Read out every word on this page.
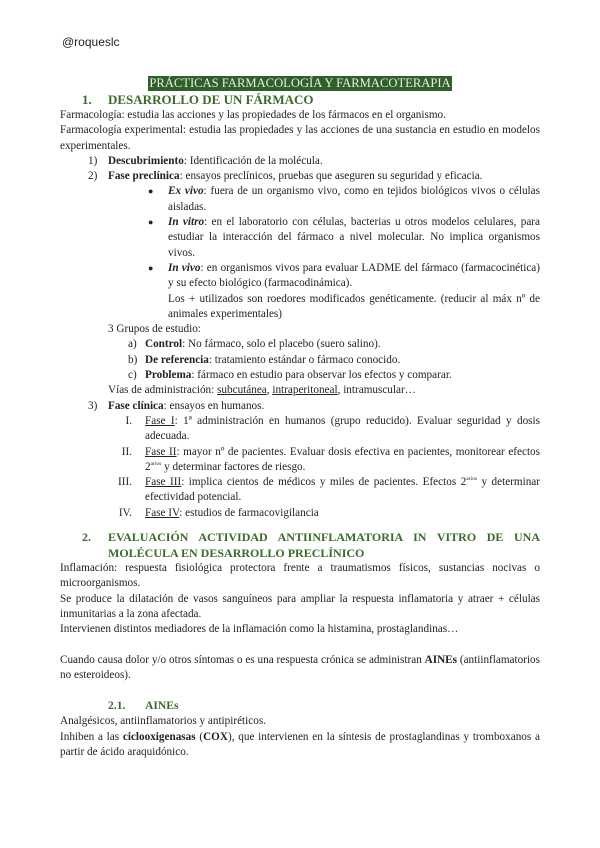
@roqueslc
PRÁCTICAS FARMACOLOGÍA Y FARMACOTERAPIA
1. DESARROLLO DE UN FÁRMACO
Farmacología: estudia las acciones y las propiedades de los fármacos en el organismo.
Farmacología experimental: estudia las propiedades y las acciones de una sustancia en estudio en modelos experimentales.
1) Descubrimiento: Identificación de la molécula.
2) Fase preclínica: ensayos preclínicos, pruebas que aseguren su seguridad y eficacia.
● Ex vivo: fuera de un organismo vivo, como en tejidos biológicos vivos o células aisladas.
● In vitro: en el laboratorio con células, bacterias u otros modelos celulares, para estudiar la interacción del fármaco a nivel molecular. No implica organismos vivos.
● In vivo: en organismos vivos para evaluar LADME del fármaco (farmacocinética) y su efecto biológico (farmacodinámica).
Los + utilizados son roedores modificados genéticamente. (reducir al máx nº de animales experimentales)
3 Grupos de estudio:
a) Control: No fármaco, solo el placebo (suero salino).
b) De referencia: tratamiento estándar o fármaco conocido.
c) Problema: fármaco en estudio para observar los efectos y comparar.
Vías de administración: subcutánea, intraperitoneal, intramuscular…
3) Fase clínica: ensayos en humanos.
I. Fase I: 1ª administración en humanos (grupo reducido). Evaluar seguridad y dosis adecuada.
II. Fase II: mayor nº de pacientes. Evaluar dosis efectiva en pacientes, monitorear efectos $2^{arios}$ y determinar factores de riesgo.
III. Fase III: implica cientos de médicos y miles de pacientes. Efectos $2^{arios}$ y determinar efectividad potencial.
IV. Fase IV: estudios de farmacovigilancia
2. EVALUACIÓN ACTIVIDAD ANTIINFLAMATORIA IN VITRO DE UNA MOLÉCULA EN DESARROLLO PRECLÍNICO
Inflamación: respuesta fisiológica protectora frente a traumatismos físicos, sustancias nocivas o microorganismos.
Se produce la dilatación de vasos sanguíneos para ampliar la respuesta inflamatoria y atraer + células inmunitarias a la zona afectada.
Intervienen distintos mediadores de la inflamación como la histamina, prostaglandinas…
Cuando causa dolor y/o otros síntomas o es una respuesta crónica se administran AINEs (antiinflamatorios no esteroideos).
2.1. AINEs
Analgésicos, antiinflamatorios y antipiréticos.
Inhiben a las ciclooxigenasas (COX), que intervienen en la síntesis de prostaglandinas y tromboxanos a partir de ácido araquidónico.
